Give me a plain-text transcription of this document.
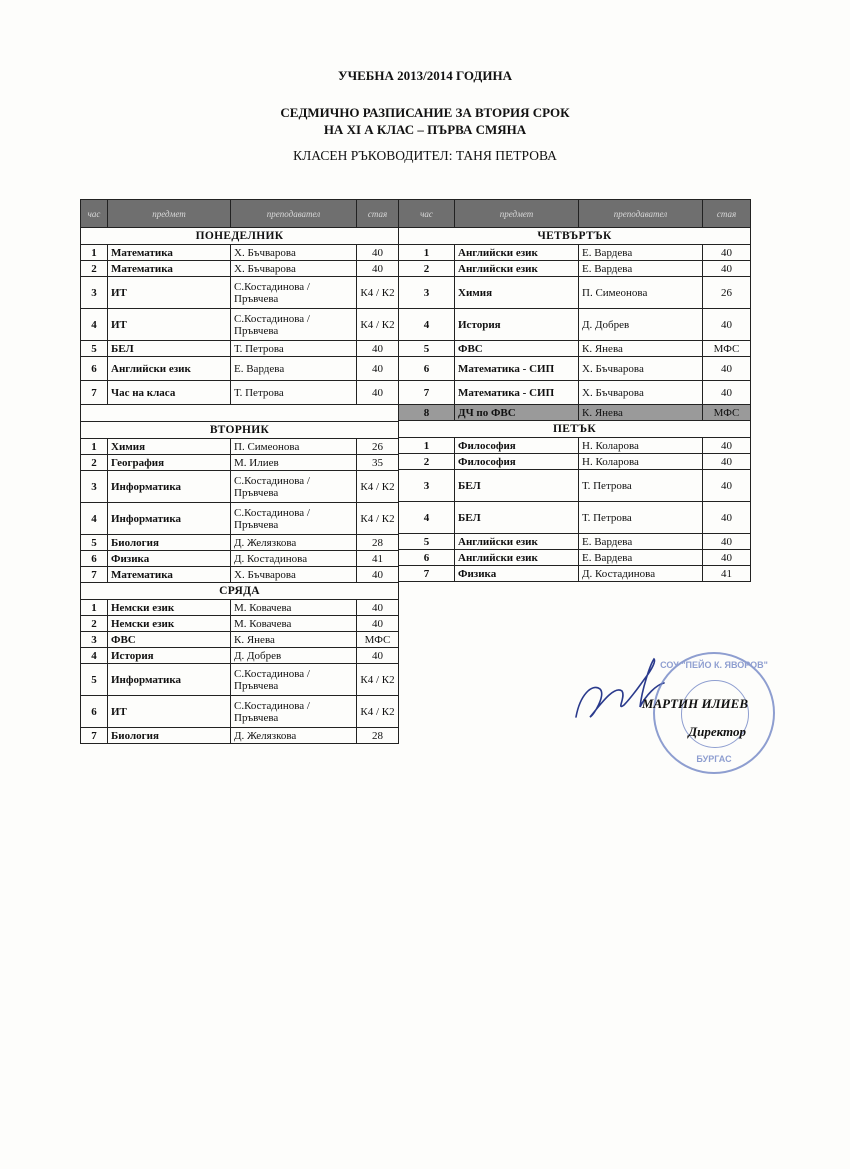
УЧЕБНА 2013/2014 ГОДИНА
СЕДМИЧНО РАЗПИСАНИЕ ЗА ВТОРИЯ СРОК
НА XI А КЛАС – ПЪРВА СМЯНА
КЛАСЕН РЪКОВОДИТЕЛ: ТАНЯ ПЕТРОВА
час	предмет	преподавател	стая
ПОНЕДЕЛНИК			
1	Математика	Х. Бъчварова	40
2	Математика	Х. Бъчварова	40
3	ИТ	С.Костадинова / Пръвчева	К4 / К2
4	ИТ	С.Костадинова / Пръвчева	К4 / К2
5	БЕЛ	Т. Петрова	40
6	Английски език	Е. Вардева	40
7	Час на класа	Т. Петрова	40

ВТОРНИК			
1	Химия	П. Симеонова	26
2	География	М. Илиев	35
3	Информатика	С.Костадинова / Пръвчева	К4 / К2
4	Информатика	С.Костадинова / Пръвчева	К4 / К2
5	Биология	Д. Желязкова	28
6	Физика	Д. Костадинова	41
7	Математика	Х. Бъчварова	40
СРЯДА			
1	Немски език	М. Ковачева	40
2	Немски език	М. Ковачева	40
3	ФВС	К. Янева	МФС
4	История	Д. Добрев	40
5	Информатика	С.Костадинова / Пръвчева	К4 / К2
6	ИТ	С.Костадинова / Пръвчева	К4 / К2
7	Биология	Д. Желязкова	28
час	предмет	преподавател	стая
ЧЕТВЪРТЪК			
1	Английски език	Е. Вардева	40
2	Английски език	Е. Вардева	40
3	Химия	П. Симеонова	26
4	История	Д. Добрев	40
5	ФВС	К. Янева	МФС
6	Математика - СИП	Х. Бъчварова	40
7	Математика - СИП	Х. Бъчварова	40
8	ДЧ по ФВС	К. Янева	МФС
ПЕТЪК			
1	Философия	Н. Коларова	40
2	Философия	Н. Коларова	40
3	БЕЛ	Т. Петрова	40
4	БЕЛ	Т. Петрова	40
5	Английски език	Е. Вардева	40
6	Английски език	Е. Вардева	40
7	Физика	Д. Костадинова	41
СОУ "ПЕЙО К. ЯВОРОВ"
БУРГАС
МАРТИН ИЛИЕВ
Директор
